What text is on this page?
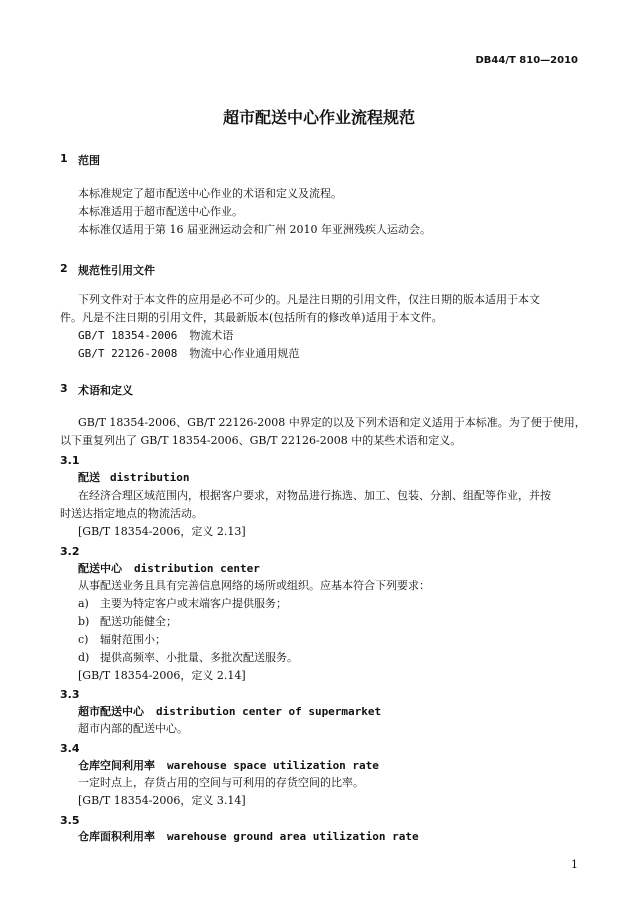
DB44/T 810—2010
超市配送中心作业流程规范
1 范围
本标准规定了超市配送中心作业的术语和定义及流程。
本标准适用于超市配送中心作业。
本标准仅适用于第 16 届亚洲运动会和广州 2010 年亚洲残疾人运动会。
2 规范性引用文件
下列文件对于本文件的应用是必不可少的。凡是注日期的引用文件，仅注日期的版本适用于本文
件。凡是不注日期的引用文件，其最新版本(包括所有的修改单)适用于本文件。
GB/T 18354-2006 物流术语
GB/T 22126-2008 物流中心作业通用规范
3 术语和定义
GB/T 18354-2006、GB/T 22126-2008 中界定的以及下列术语和定义适用于本标准。为了便于使用，
以下重复列出了 GB/T 18354-2006、GB/T 22126-2008 中的某些术语和定义。
3.1
配送 distribution
在经济合理区域范围内，根据客户要求，对物品进行拣选、加工、包装、分割、组配等作业，并按
时送达指定地点的物流活动。
[GB/T 18354-2006，定义 2.13]
3.2
配送中心 distribution center
从事配送业务且具有完善信息网络的场所或组织。应基本符合下列要求：
a) 主要为特定客户或末端客户提供服务；
b) 配送功能健全；
c) 辐射范围小；
d) 提供高频率、小批量、多批次配送服务。
[GB/T 18354-2006，定义 2.14]
3.3
超市配送中心 distribution center of supermarket
超市内部的配送中心。
3.4
仓库空间利用率 warehouse space utilization rate
一定时点上，存货占用的空间与可利用的存货空间的比率。
[GB/T 18354-2006，定义 3.14]
3.5
仓库面积利用率 warehouse ground area utilization rate
1
